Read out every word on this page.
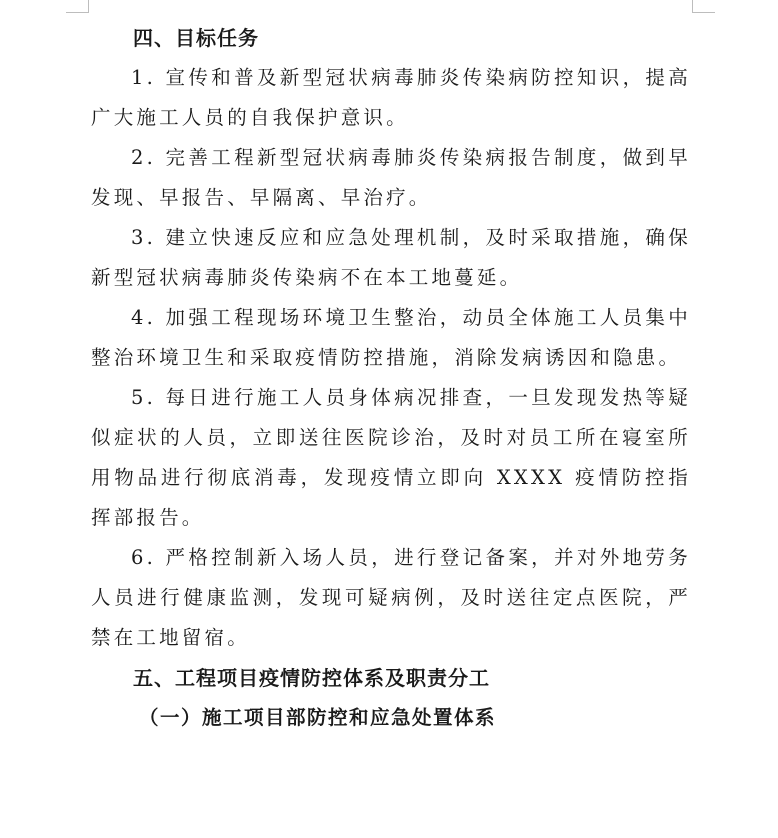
四、目标任务

1. 宣传和普及新型冠状病毒肺炎传染病防控知识，提高广大施工人员的自我保护意识。

2. 完善工程新型冠状病毒肺炎传染病报告制度，做到早发现、早报告、早隔离、早治疗。

3. 建立快速反应和应急处理机制，及时采取措施，确保新型冠状病毒肺炎传染病不在本工地蔓延。

4. 加强工程现场环境卫生整治，动员全体施工人员集中整治环境卫生和采取疫情防控措施，消除发病诱因和隐患。

5. 每日进行施工人员身体病况排查，一旦发现发热等疑似症状的人员，立即送往医院诊治，及时对员工所在寝室所用物品进行彻底消毒，发现疫情立即向 XXXX 疫情防控指挥部报告。

6. 严格控制新入场人员，进行登记备案，并对外地劳务人员进行健康监测，发现可疑病例，及时送往定点医院，严禁在工地留宿。

五、工程项目疫情防控体系及职责分工
（一）施工项目部防控和应急处置体系
